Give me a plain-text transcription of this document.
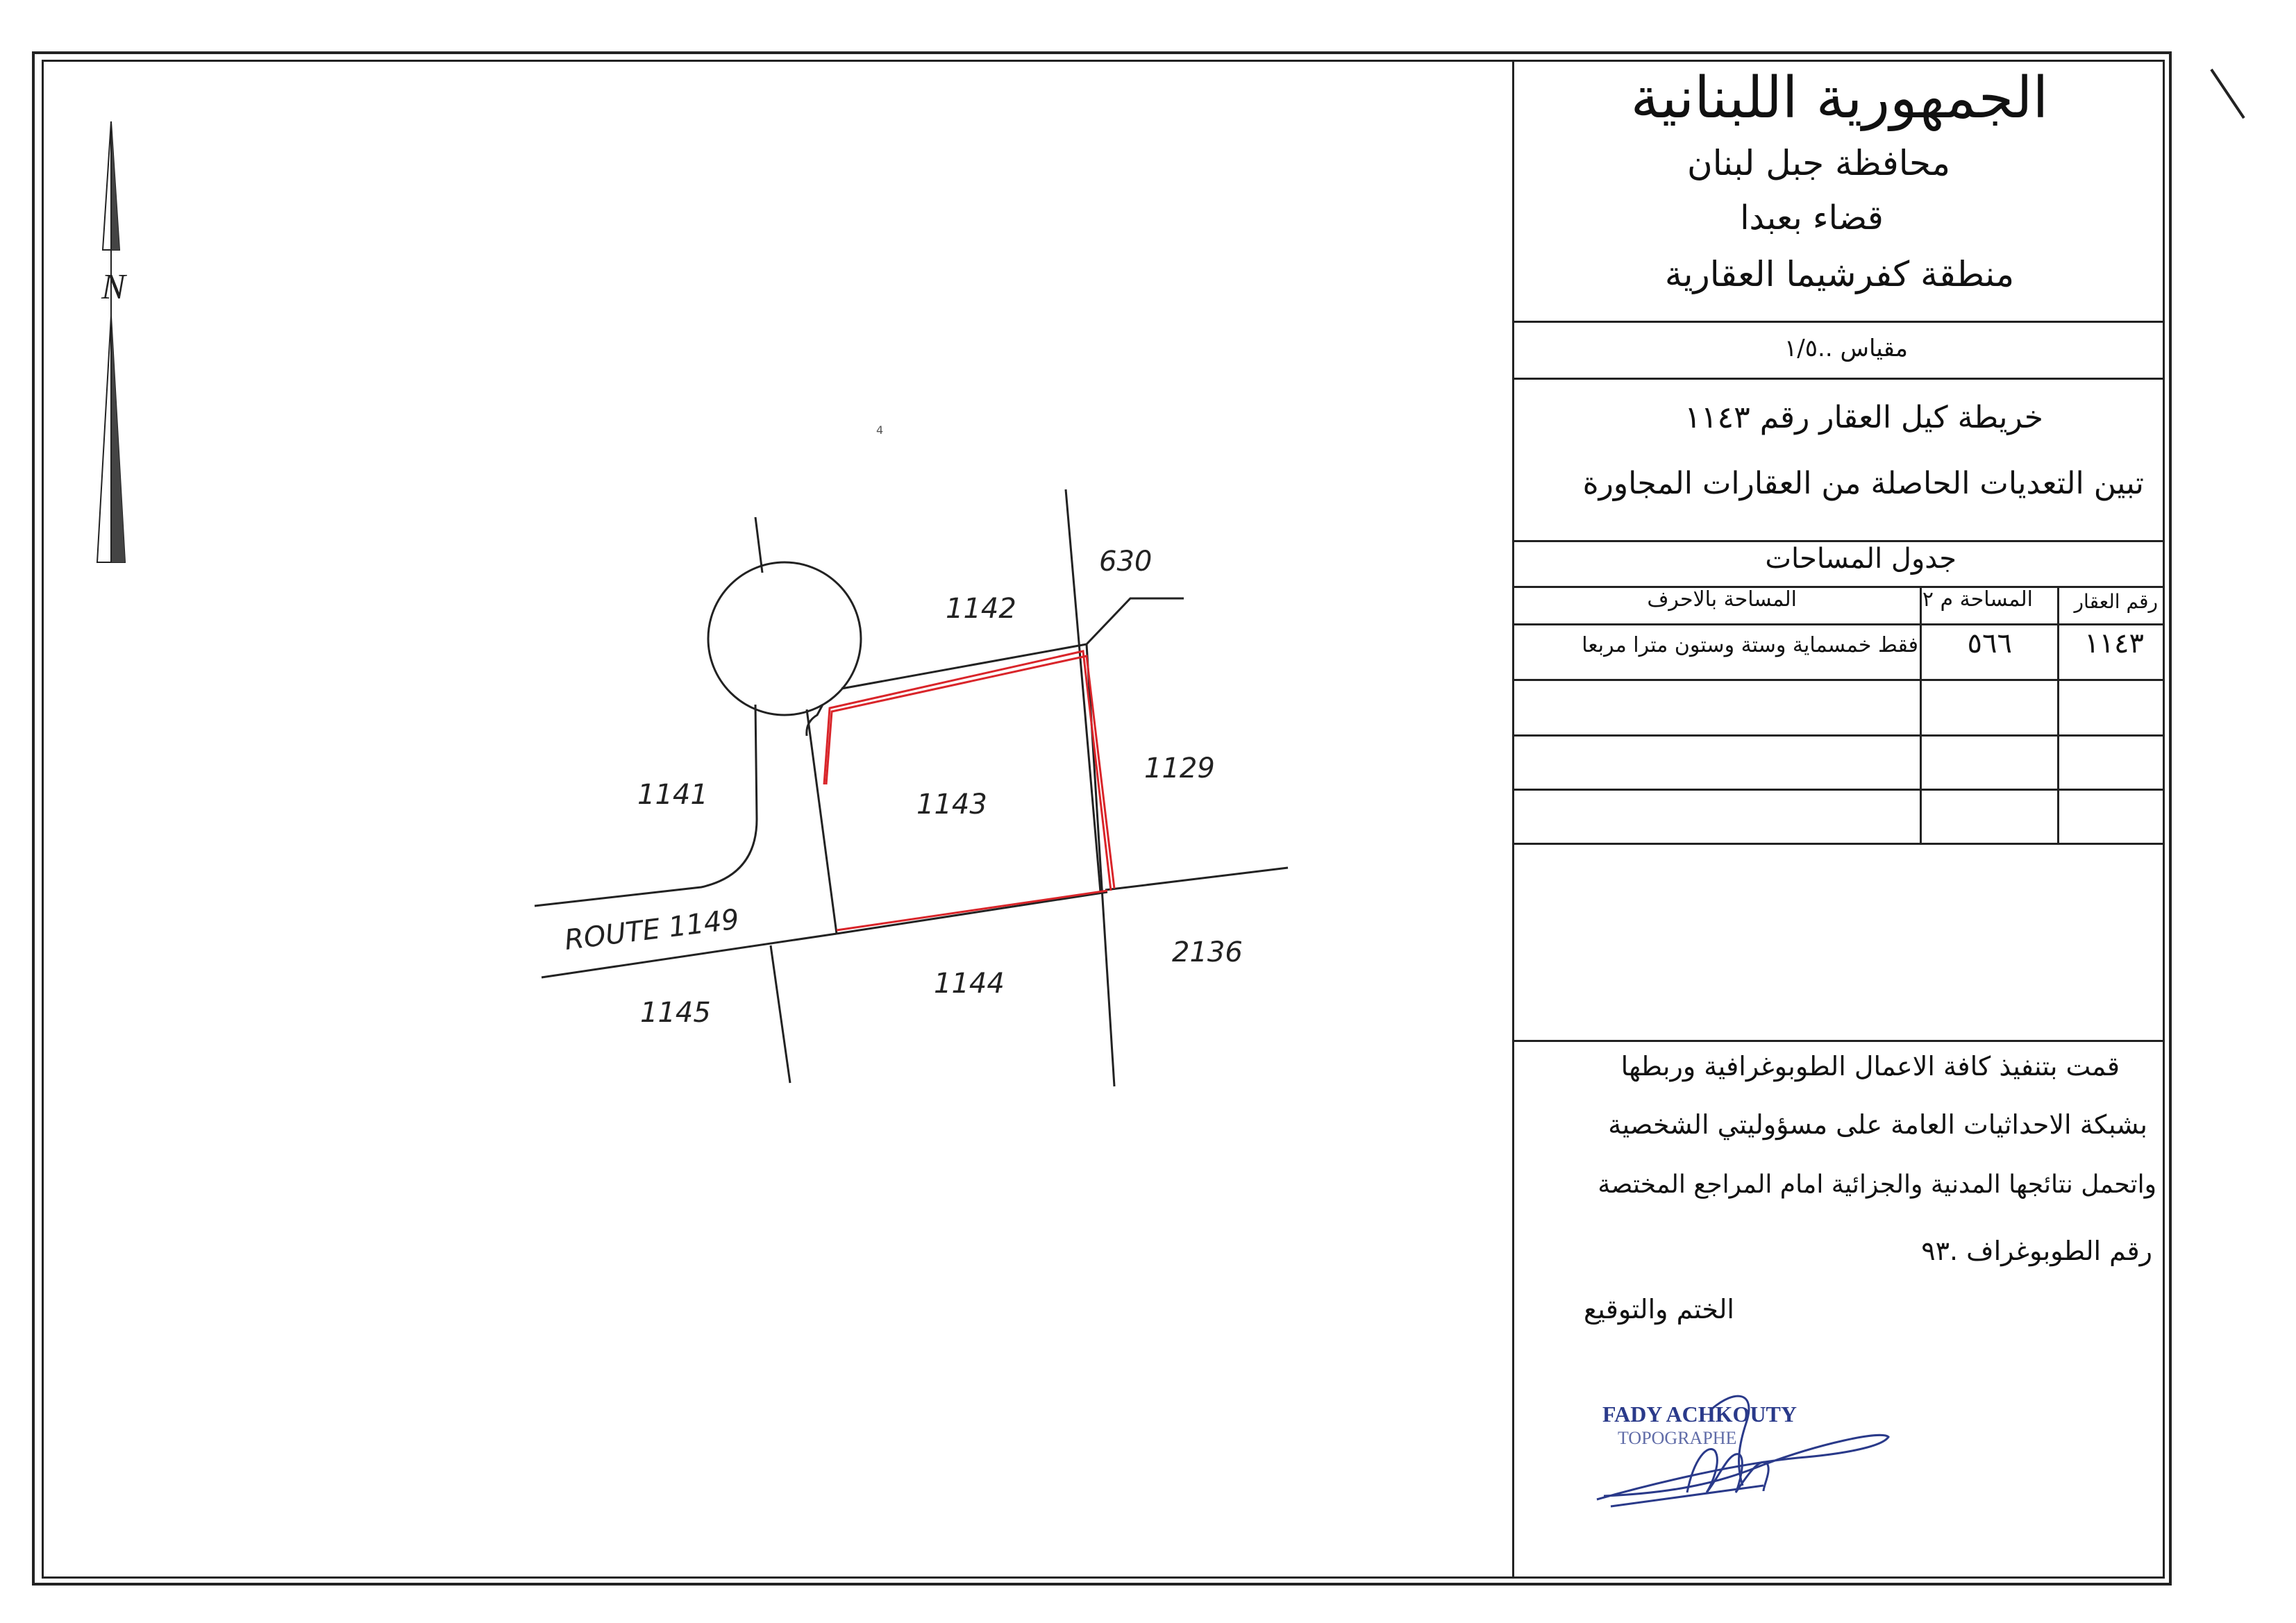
N
630
1142
1141	1143
1129
2136
1144
1145
ROUTE 1149
4
الجمهورية اللبنانية
محافظة جبل لبنان
قضاء بعبدا
منطقة كفرشيما العقارية
مقياس ..١/٥
خريطة كيل العقار رقم ١١٤٣
تبين التعديات الحاصلة من العقارات المجاورة
جدول المساحات
رقم العقار
المساحة م ٢
المساحة بالاحرف
١١٤٣
٥٦٦
فقط خمسماية وستة وستون مترا مربعا
قمت بتنفيذ كافة الاعمال الطوبوغرافية وربطها
بشبكة الاحداثيات العامة على مسؤوليتي الشخصية
واتحمل نتائجها المدنية والجزائية امام المراجع المختصة
رقم الطوبوغراف .٩٣
الختم والتوقيع
FADY ACHKOUTY
TOPOGRAPHE
